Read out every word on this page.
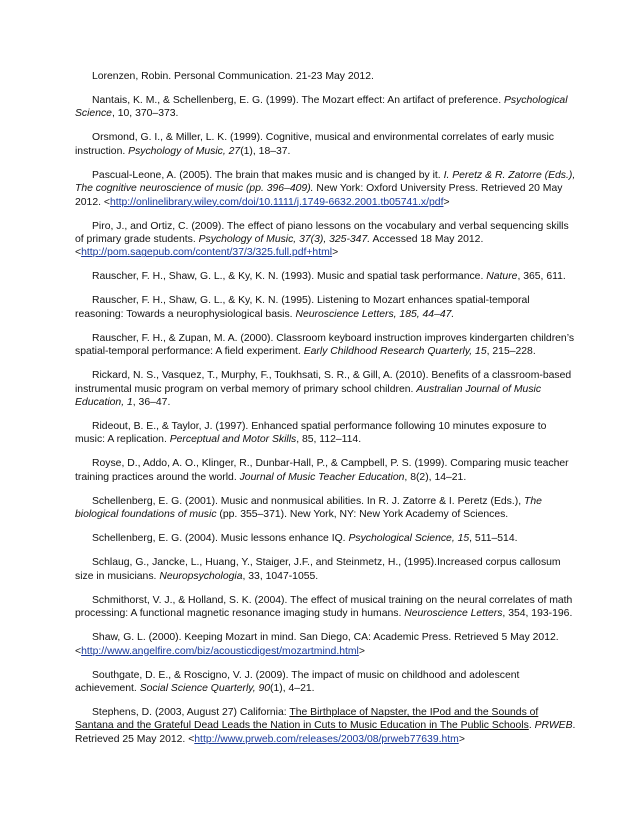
Lorenzen, Robin. Personal Communication. 21-23 May 2012.

Nantais, K. M., & Schellenberg, E. G. (1999). The Mozart effect: An artifact of preference. Psychological Science, 10, 370–373.

Orsmond, G. I., & Miller, L. K. (1999). Cognitive, musical and environmental correlates of early music instruction. Psychology of Music, 27(1), 18–37.

Pascual-Leone, A. (2005). The brain that makes music and is changed by it. I. Peretz & R. Zatorre (Eds.), The cognitive neuroscience of music (pp. 396–409). New York: Oxford University Press. Retrieved 20 May 2012. <http://onlinelibrary.wiley.com/doi/10.1111/j.1749-6632.2001.tb05741.x/pdf>

Piro, J., and Ortiz, C. (2009). The effect of piano lessons on the vocabulary and verbal sequencing skills of primary grade students. Psychology of Music, 37(3), 325-347. Accessed 18 May 2012. <http://pom.sagepub.com/content/37/3/325.full.pdf+html>

Rauscher, F. H., Shaw, G. L., & Ky, K. N. (1993). Music and spatial task performance. Nature, 365, 611.

Rauscher, F. H., Shaw, G. L., & Ky, K. N. (1995). Listening to Mozart enhances spatial-temporal reasoning: Towards a neurophysiological basis. Neuroscience Letters, 185, 44–47.

Rauscher, F. H., & Zupan, M. A. (2000). Classroom keyboard instruction improves kindergarten children’s spatial-temporal performance: A field experiment. Early Childhood Research Quarterly, 15, 215–228.

Rickard, N. S., Vasquez, T., Murphy, F., Toukhsati, S. R., & Gill, A. (2010). Benefits of a classroom-based instrumental music program on verbal memory of primary school children. Australian Journal of Music Education, 1, 36–47.

Rideout, B. E., & Taylor, J. (1997). Enhanced spatial performance following 10 minutes exposure to music: A replication. Perceptual and Motor Skills, 85, 112–114.

Royse, D., Addo, A. O., Klinger, R., Dunbar-Hall, P., & Campbell, P. S. (1999). Comparing music teacher training practices around the world. Journal of Music Teacher Education, 8(2), 14–21.

Schellenberg, E. G. (2001). Music and nonmusical abilities. In R. J. Zatorre & I. Peretz (Eds.), The biological foundations of music (pp. 355–371). New York, NY: New York Academy of Sciences.

Schellenberg, E. G. (2004). Music lessons enhance IQ. Psychological Science, 15, 511–514.

Schlaug, G., Jancke, L., Huang, Y., Staiger, J.F., and Steinmetz, H., (1995).Increased corpus callosum size in musicians. Neuropsychologia, 33, 1047-1055.

Schmithorst, V. J., & Holland, S. K. (2004). The effect of musical training on the neural correlates of math processing: A functional magnetic resonance imaging study in humans. Neuroscience Letters, 354, 193-196.

Shaw, G. L. (2000). Keeping Mozart in mind. San Diego, CA: Academic Press. Retrieved 5 May 2012. <http://www.angelfire.com/biz/acousticdigest/mozartmind.html>

Southgate, D. E., & Roscigno, V. J. (2009). The impact of music on childhood and adolescent achievement. Social Science Quarterly, 90(1), 4–21.

Stephens, D. (2003, August 27) California: The Birthplace of Napster, the IPod and the Sounds of Santana and the Grateful Dead Leads the Nation in Cuts to Music Education in The Public Schools. PRWEB. Retrieved 25 May 2012. <http://www.prweb.com/releases/2003/08/prweb77639.htm>
